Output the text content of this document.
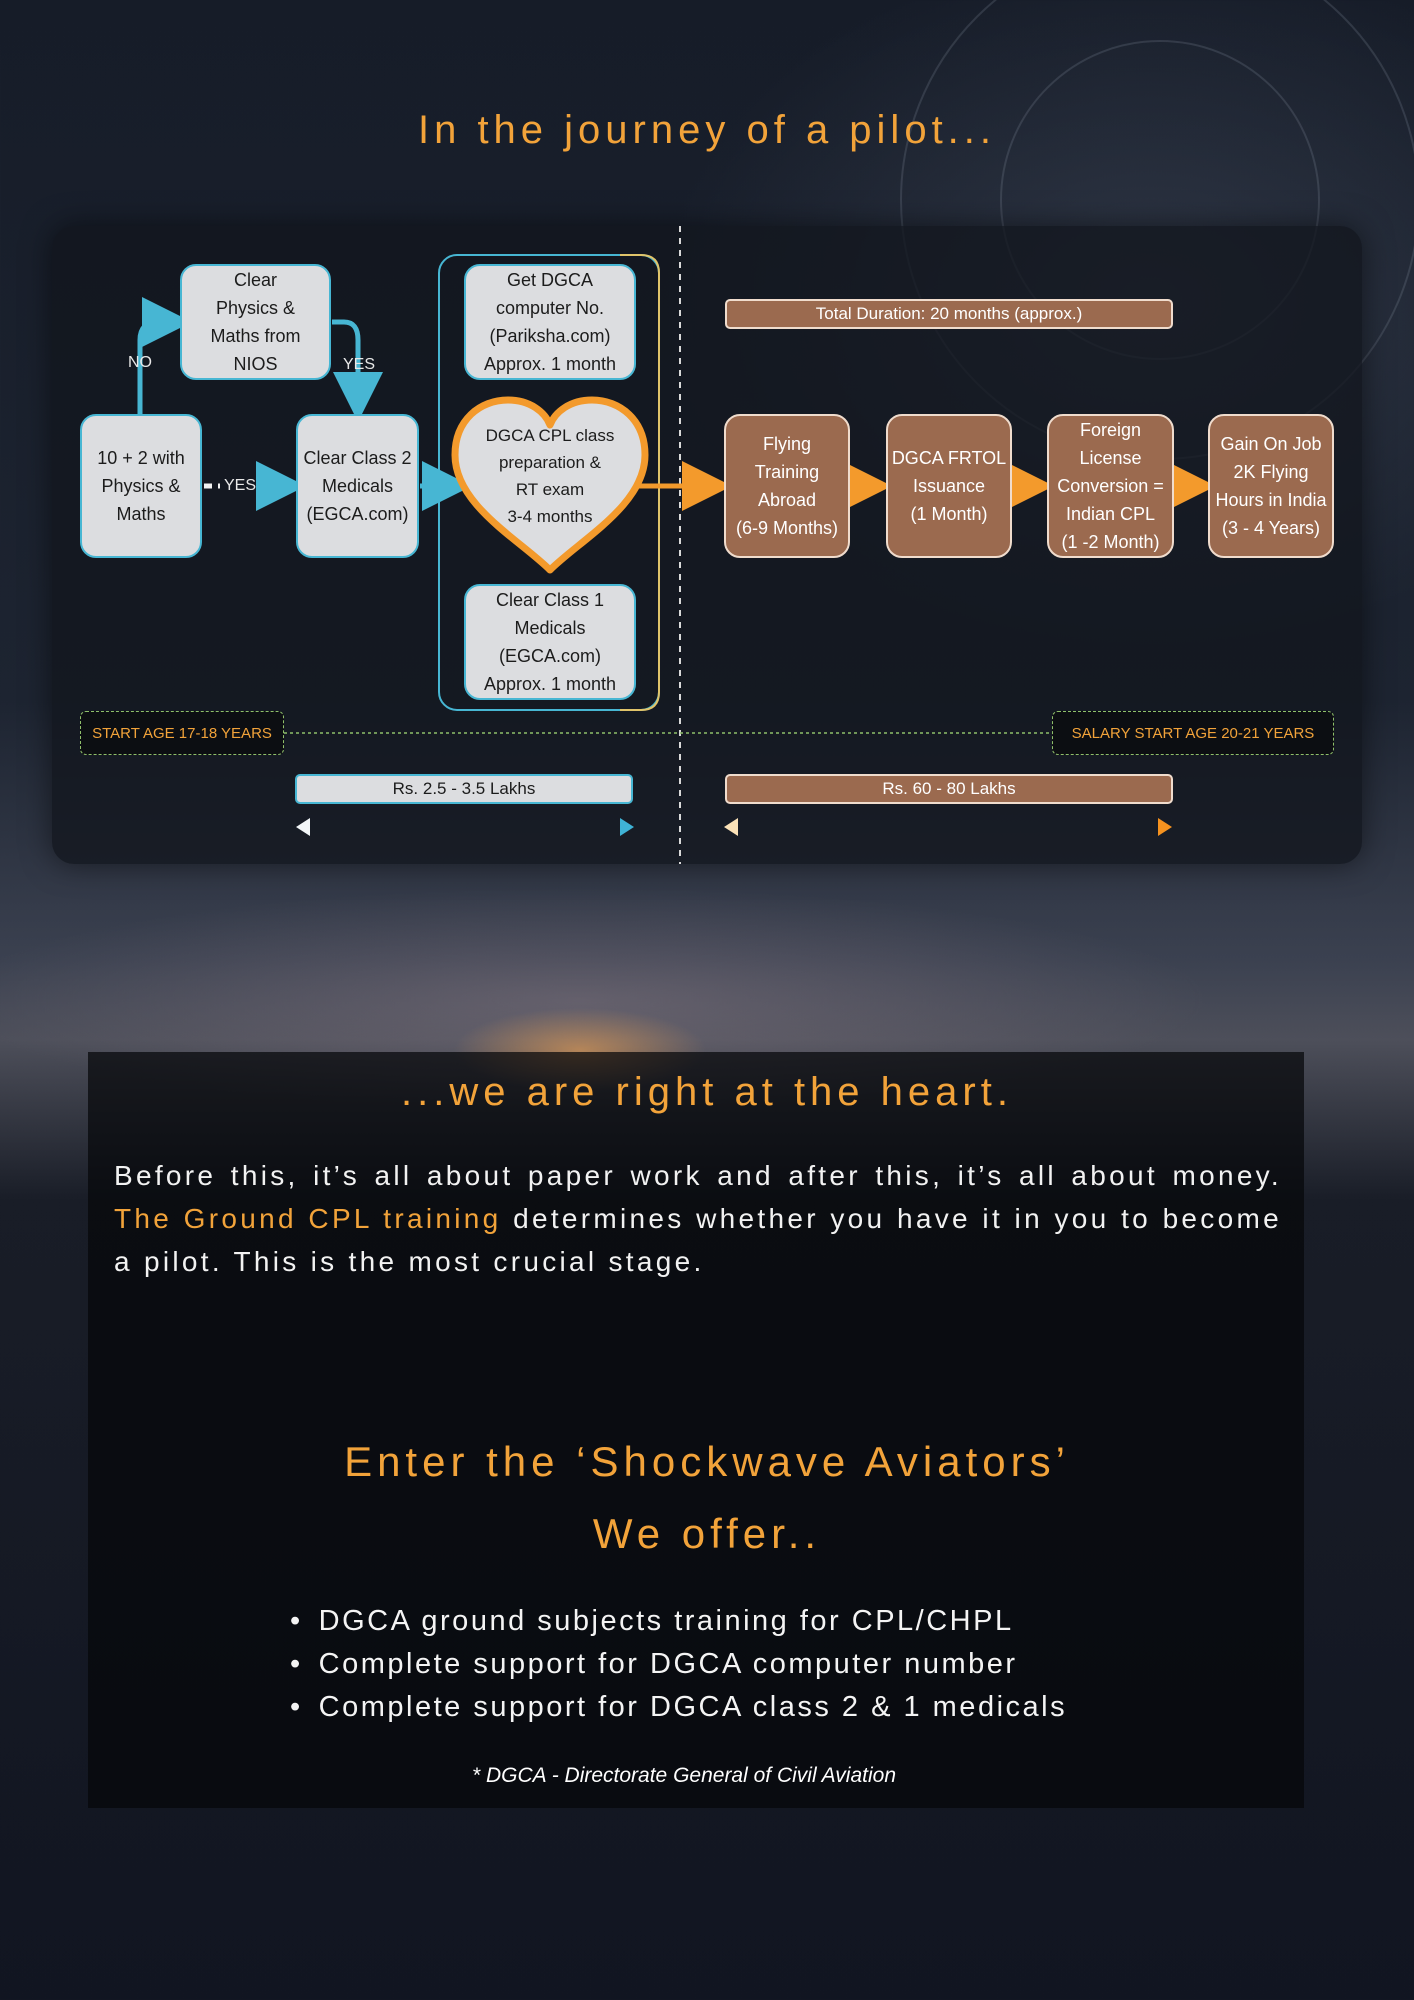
In the journey of a pilot...
10 + 2 with
Physics &
Maths
Clear
Physics &
Maths from
NIOS
Clear Class 2
Medicals
(EGCA.com)
Get DGCA
computer No.
(Pariksha.com)
Approx. 1 month
DGCA CPL class
preparation &
RT exam
3-4 months
Clear Class 1
Medicals
(EGCA.com)
Approx. 1 month
Flying
Training
Abroad
(6-9 Months)
DGCA FRTOL
Issuance
(1 Month)
Foreign
License
Conversion =
Indian CPL
(1 -2 Month)
Gain On Job
2K Flying
Hours in India
(3 - 4 Years)
NO	YES
YES
Total Duration: 20 months (approx.)
START AGE 17-18 YEARS	SALARY START AGE 20-21 YEARS
Rs. 2.5 - 3.5 Lakhs	Rs. 60 - 80 Lakhs
...we are right at the heart.
Before this, it’s all about paper work and after this, it’s all about money. The Ground CPL training determines whether you have it in you to become a pilot. This is the most crucial stage.
Enter the ‘Shockwave Aviators’
We offer..
• DGCA ground subjects training for CPL/CHPL
• Complete support for DGCA computer number
• Complete support for DGCA class 2 & 1 medicals
* DGCA - Directorate General of Civil Aviation
